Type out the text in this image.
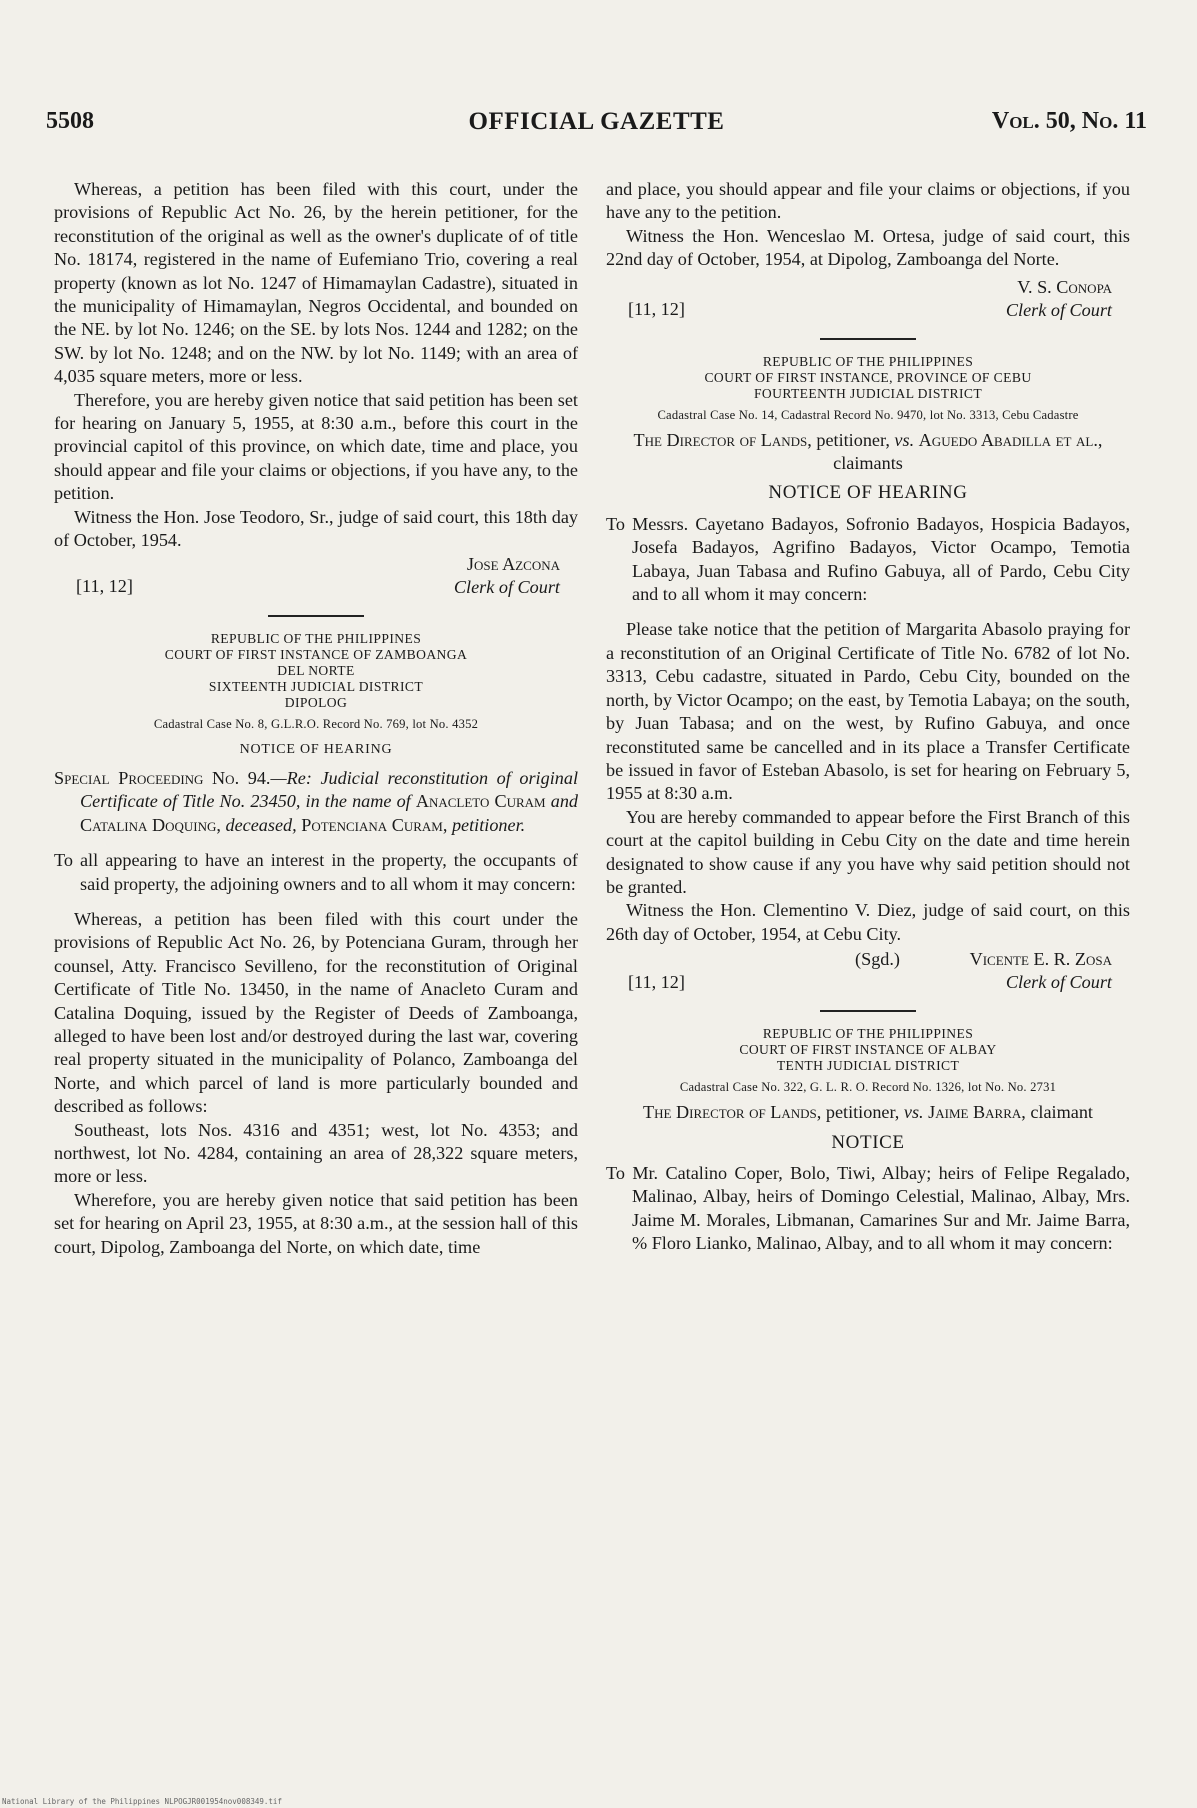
5508	OFFICIAL GAZETTE	Vol. 50, No. 11

Whereas, a petition has been filed with this court, under the provisions of Republic Act No. 26, by the herein petitioner, for the reconstitution of the original as well as the owner's duplicate of of title No. 18174, registered in the name of Eufemiano Trio, covering a real property (known as lot No. 1247 of Himamaylan Cadastre), situated in the municipality of Himamaylan, Negros Occidental, and bounded on the NE. by lot No. 1246; on the SE. by lots Nos. 1244 and 1282; on the SW. by lot No. 1248; and on the NW. by lot No. 1149; with an area of 4,035 square meters, more or less.

Therefore, you are hereby given notice that said petition has been set for hearing on January 5, 1955, at 8:30 a.m., before this court in the provincial capitol of this province, on which date, time and place, you should appear and file your claims or objections, if you have any, to the petition.

Witness the Hon. Jose Teodoro, Sr., judge of said court, this 18th day of October, 1954.

[11, 12]
Jose Azcona
Clerk of Court
REPUBLIC OF THE PHILIPPINES
COURT OF FIRST INSTANCE OF ZAMBOANGA
DEL NORTE
SIXTEENTH JUDICIAL DISTRICT
DIPOLOG
Cadastral Case No. 8, G.L.R.O. Record No. 769, lot No. 4352
NOTICE OF HEARING

Special Proceeding No. 94.—Re: Judicial reconstitution of original Certificate of Title No. 23450, in the name of Anacleto Curam and Catalina Doquing, deceased, Potenciana Curam, petitioner.

To all appearing to have an interest in the property, the occupants of said property, the adjoining owners and to all whom it may concern:

Whereas, a petition has been filed with this court under the provisions of Republic Act No. 26, by Potenciana Guram, through her counsel, Atty. Francisco Sevilleno, for the reconstitution of Original Certificate of Title No. 13450, in the name of Anacleto Curam and Catalina Doquing, issued by the Register of Deeds of Zamboanga, alleged to have been lost and/or destroyed during the last war, covering real property situated in the municipality of Polanco, Zamboanga del Norte, and which parcel of land is more particularly bounded and described as follows:

Southeast, lots Nos. 4316 and 4351; west, lot No. 4353; and northwest, lot No. 4284, containing an area of 28,322 square meters, more or less.

Wherefore, you are hereby given notice that said petition has been set for hearing on April 23, 1955, at 8:30 a.m., at the session hall of this court, Dipolog, Zamboanga del Norte, on which date, time

and place, you should appear and file your claims or objections, if you have any to the petition.

Witness the Hon. Wenceslao M. Ortesa, judge of said court, this 22nd day of October, 1954, at Dipolog, Zamboanga del Norte.

[11, 12]
V. S. Conopa
Clerk of Court
REPUBLIC OF THE PHILIPPINES
COURT OF FIRST INSTANCE, PROVINCE OF CEBU
FOURTEENTH JUDICIAL DISTRICT
Cadastral Case No. 14, Cadastral Record No. 9470, lot No. 3313, Cebu Cadastre
The Director of Lands, petitioner, vs. Aguedo Abadilla et al., claimants
NOTICE OF HEARING

To Messrs. Cayetano Badayos, Sofronio Badayos, Hospicia Badayos, Josefa Badayos, Agrifino Badayos, Victor Ocampo, Temotia Labaya, Juan Tabasa and Rufino Gabuya, all of Pardo, Cebu City and to all whom it may concern:

Please take notice that the petition of Margarita Abasolo praying for a reconstitution of an Original Certificate of Title No. 6782 of lot No. 3313, Cebu cadastre, situated in Pardo, Cebu City, bounded on the north, by Victor Ocampo; on the east, by Temotia Labaya; on the south, by Juan Tabasa; and on the west, by Rufino Gabuya, and once reconstituted same be cancelled and in its place a Transfer Certificate be issued in favor of Esteban Abasolo, is set for hearing on February 5, 1955 at 8:30 a.m.

You are hereby commanded to appear before the First Branch of this court at the capitol building in Cebu City on the date and time herein designated to show cause if any you have why said petition should not be granted.

Witness the Hon. Clementino V. Diez, judge of said court, on this 26th day of October, 1954, at Cebu City.

(Sgd.)
[11, 12]
Vicente E. R. Zosa
Clerk of Court
REPUBLIC OF THE PHILIPPINES
COURT OF FIRST INSTANCE OF ALBAY
TENTH JUDICIAL DISTRICT
Cadastral Case No. 322, G. L. R. O. Record No. 1326, lot No. No. 2731
The Director of Lands, petitioner, vs. Jaime Barra, claimant
NOTICE

To Mr. Catalino Coper, Bolo, Tiwi, Albay; heirs of Felipe Regalado, Malinao, Albay, heirs of Domingo Celestial, Malinao, Albay, Mrs. Jaime M. Morales, Libmanan, Camarines Sur and Mr. Jaime Barra, % Floro Lianko, Malinao, Albay, and to all whom it may concern:

National Library of the Philippines NLPOGJR001954nov008349.tif
